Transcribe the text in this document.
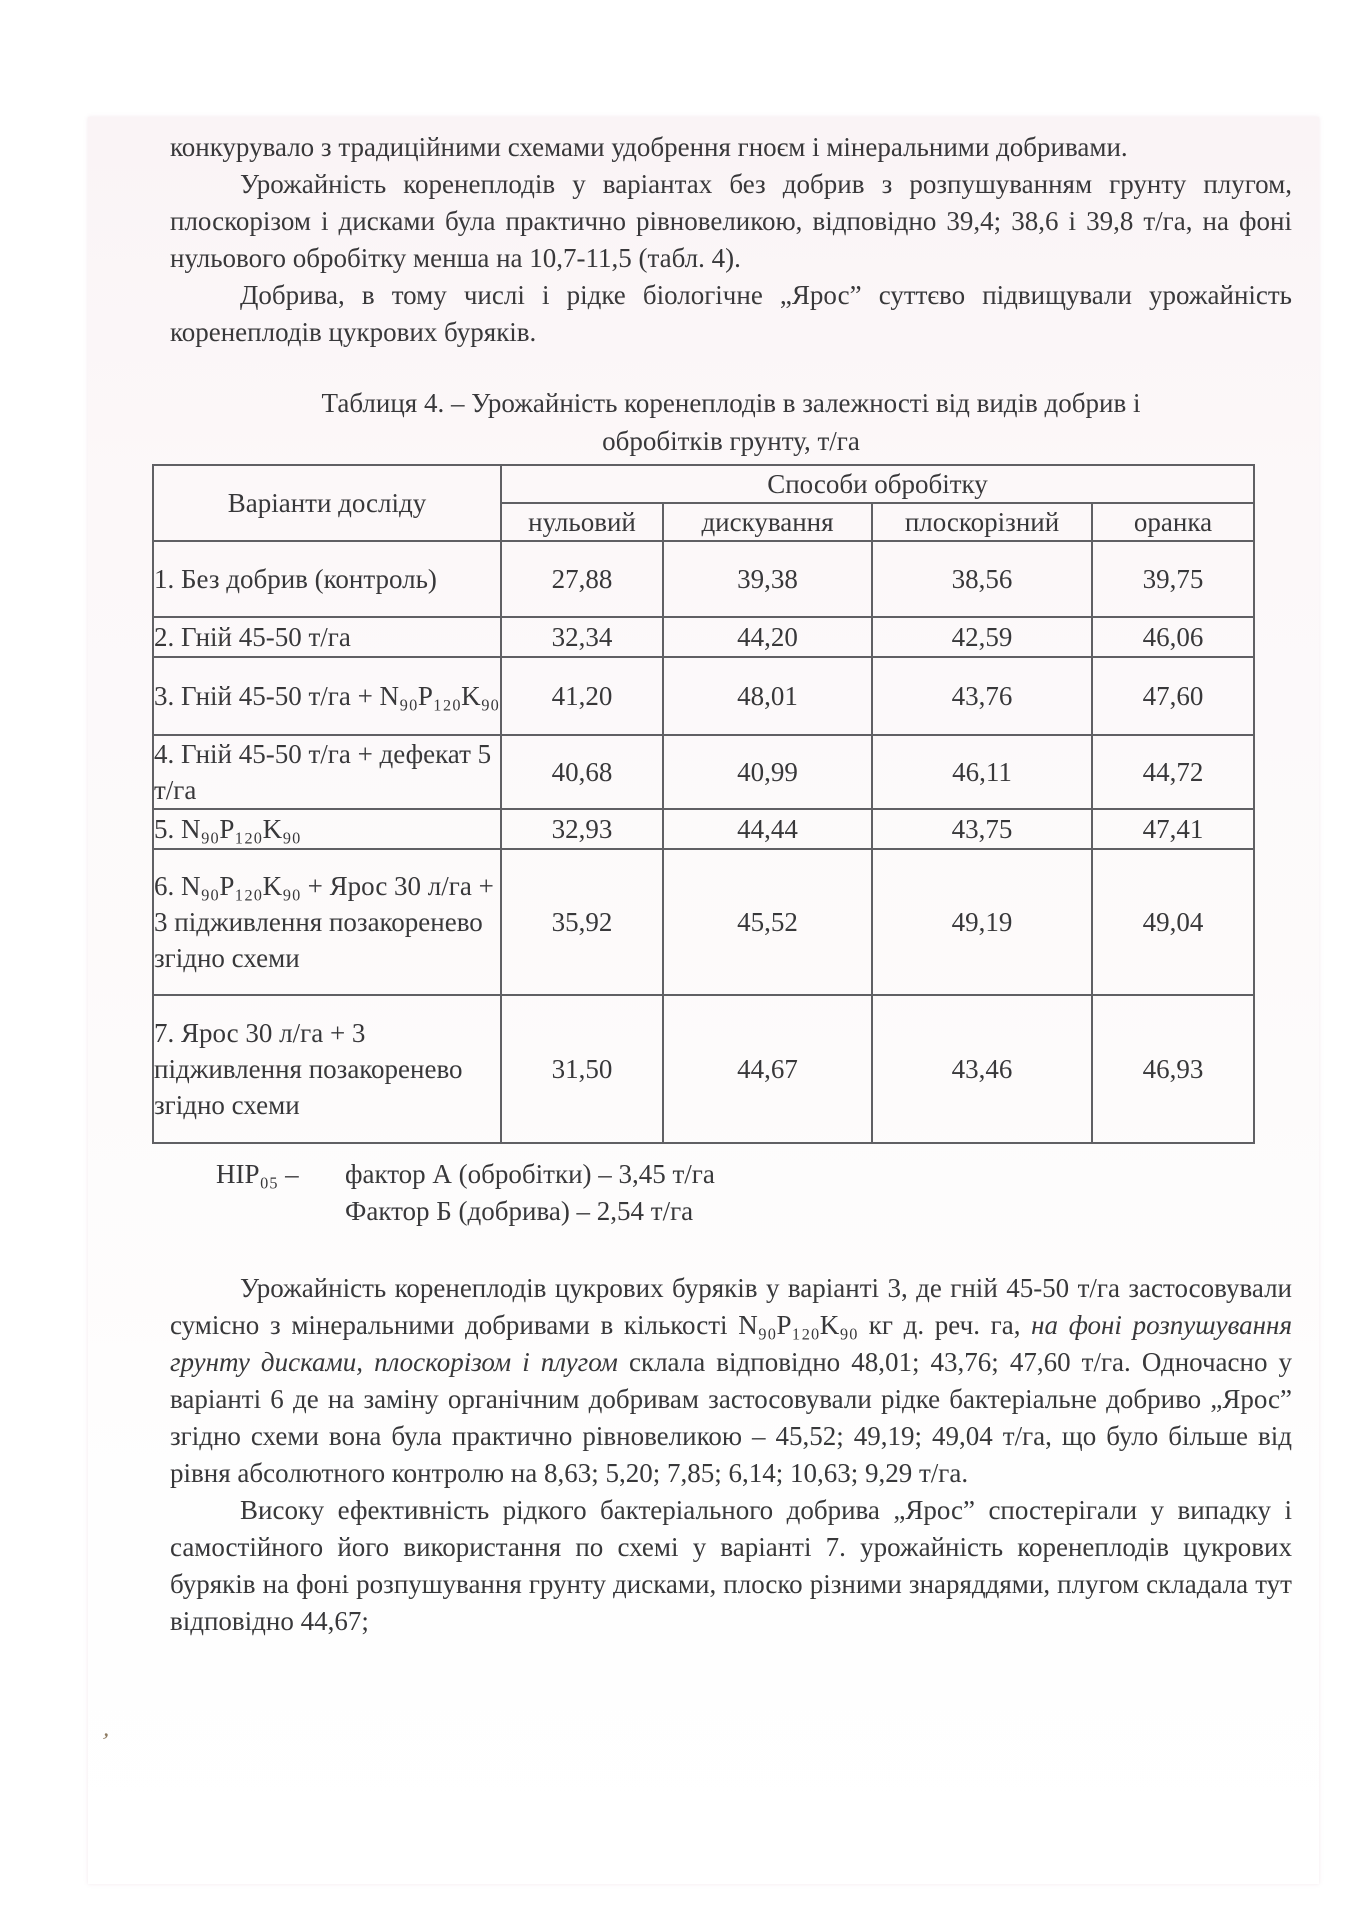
ʼ

конкурувало з традиційними схемами удобрення гноєм і мінеральними добривами.

Урожайність коренеплодів у варіантах без добрив з розпушуванням грунту плугом, плоскорізом і дисками була практично рівновеликою, відповідно 39,4; 38,6 і 39,8 т/га, на фоні нульового обробітку менша на 10,7-11,5 (табл. 4).

Добрива, в тому числі і рідке біологічне „Ярос” суттєво підвищували урожайність коренеплодів цукрових буряків.

Таблиця 4. – Урожайність коренеплодів в залежності від видів добрив і
обробітків грунту, т/га
Варіанти досліду	Способи обробітку			
	нульовий	дискування	плоскорізний	оранка
1. Без добрив (контроль)	27,88	39,38	38,56	39,75
2. Гній 45-50 т/га	32,34	44,20	42,59	46,06
3. Гній 45-50 т/га + N₉₀P₁₂₀K₉₀	41,20	48,01	43,76	47,60
4. Гній 45-50 т/га + дефекат 5 т/га	40,68	40,99	46,11	44,72
5. N₉₀P₁₂₀K₉₀	32,93	44,44	43,75	47,41
6. N₉₀P₁₂₀K₉₀ + Ярос 30 л/га + 3 підживлення позакоренево згідно схеми	35,92	45,52	49,19	49,04
7. Ярос 30 л/га + 3 підживлення позакоренево згідно схеми	31,50	44,67	43,46	46,93
НІР₀₅ –	фактор А (обробітки) – 3,45 т/га
Фактор Б (добрива) – 2,54 т/га

Урожайність коренеплодів цукрових буряків у варіанті 3, де гній 45-50 т/га застосовували сумісно з мінеральними добривами в кількості N₉₀P₁₂₀K₉₀ кг д. реч. га, на фоні розпушування грунту дисками, плоскорізом і плугом склала відповідно 48,01; 43,76; 47,60 т/га. Одночасно у варіанті 6 де на заміну органічним добривам застосовували рідке бактеріальне добриво „Ярос” згідно схеми вона була практично рівновеликою – 45,52; 49,19; 49,04 т/га, що було більше від рівня абсолютного контролю на 8,63; 5,20; 7,85; 6,14; 10,63; 9,29 т/га.

Високу ефективність рідкого бактеріального добрива „Ярос” спостерігали у випадку і самостійного його використання по схемі у варіанті 7. урожайність коренеплодів цукрових буряків на фоні розпушування грунту дисками, плоско різними знаряддями, плугом складала тут відповідно 44,67;
